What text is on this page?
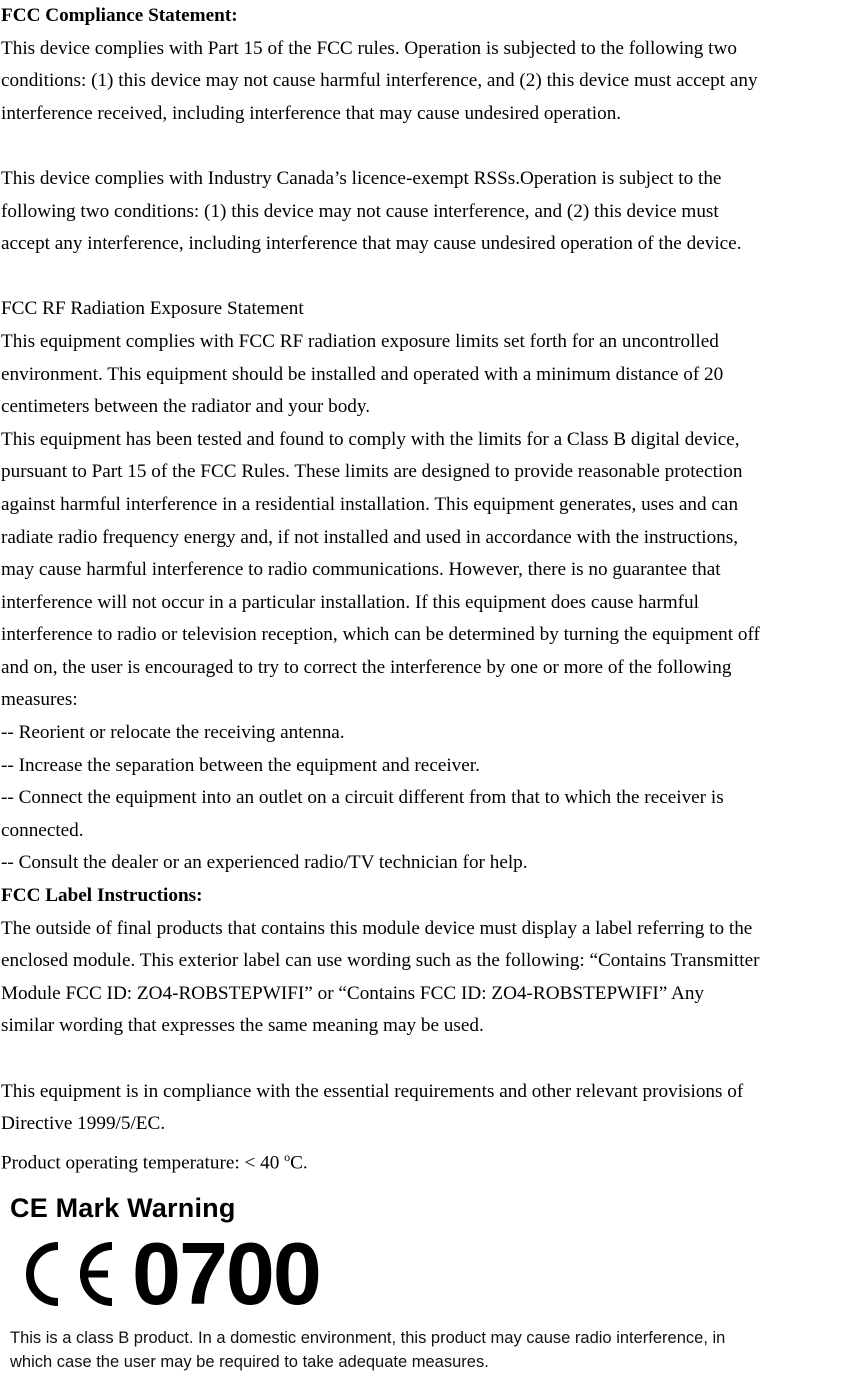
FCC Compliance Statement:

This device complies with Part 15 of the FCC rules. Operation is subjected to the following two

conditions: (1) this device may not cause harmful interference, and (2) this device must accept any

interference received, including interference that may cause undesired operation.

This device complies with Industry Canada’s licence-exempt RSSs.Operation is subject to the

following two conditions: (1) this device may not cause interference, and (2) this device must

accept any interference, including interference that may cause undesired operation of the device.

FCC RF Radiation Exposure Statement

This equipment complies with FCC RF radiation exposure limits set forth for an uncontrolled

environment. This equipment should be installed and operated with a minimum distance of 20

centimeters between the radiator and your body.

This equipment has been tested and found to comply with the limits for a Class B digital device,

pursuant to Part 15 of the FCC Rules. These limits are designed to provide reasonable protection

against harmful interference in a residential installation. This equipment generates, uses and can

radiate radio frequency energy and, if not installed and used in accordance with the instructions,

may cause harmful interference to radio communications. However, there is no guarantee that

interference will not occur in a particular installation. If this equipment does cause harmful

interference to radio or television reception, which can be determined by turning the equipment off

and on, the user is encouraged to try to correct the interference by one or more of the following

measures:

-- Reorient or relocate the receiving antenna.

-- Increase the separation between the equipment and receiver.

-- Connect the equipment into an outlet on a circuit different from that to which the receiver is

connected.

-- Consult the dealer or an experienced radio/TV technician for help.

FCC Label Instructions:

The outside of final products that contains this module device must display a label referring to the

enclosed module. This exterior label can use wording such as the following: “Contains Transmitter

Module FCC ID: ZO4-ROBSTEPWIFI” or “Contains FCC ID: ZO4-ROBSTEPWIFI” Any

similar wording that expresses the same meaning may be used.

This equipment is in compliance with the essential requirements and other relevant provisions of

Directive 1999/5/EC.

Product operating temperature: < 40 $^o$C.

CE Mark Warning

0700

This is a class B product. In a domestic environment, this product may cause radio interference, in
which case the user may be required to take adequate measures.
